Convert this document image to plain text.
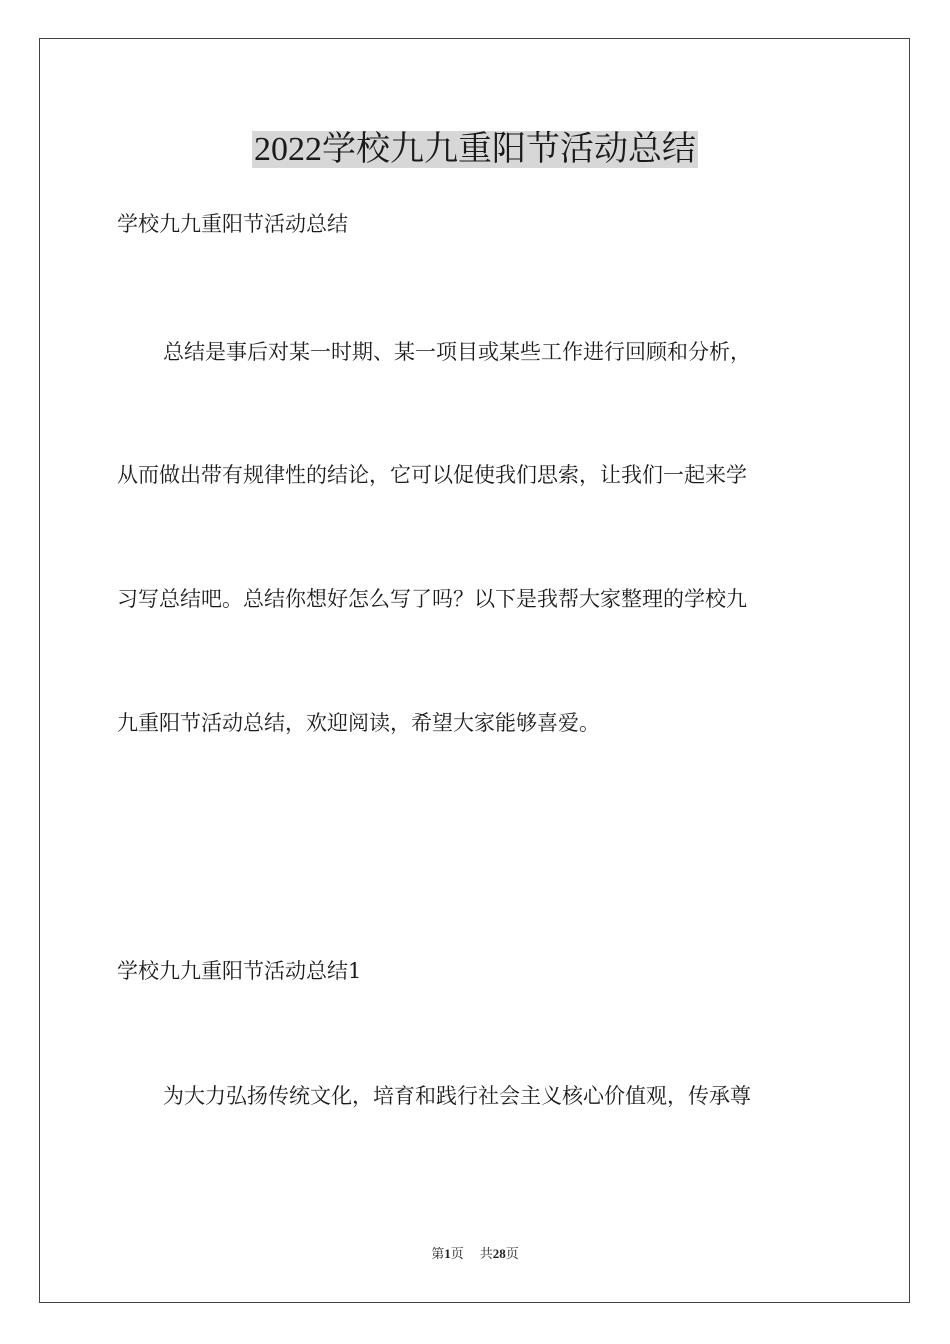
2022学校九九重阳节活动总结
学校九九重阳节活动总结
总结是事后对某一时期、某一项目或某些工作进行回顾和分析，
从而做出带有规律性的结论，它可以促使我们思索，让我们一起来学
习写总结吧。总结你想好怎么写了吗？以下是我帮大家整理的学校九
九重阳节活动总结，欢迎阅读，希望大家能够喜爱。
学校九九重阳节活动总结1
为大力弘扬传统文化，培育和践行社会主义核心价值观，传承尊
第1页 共28页
